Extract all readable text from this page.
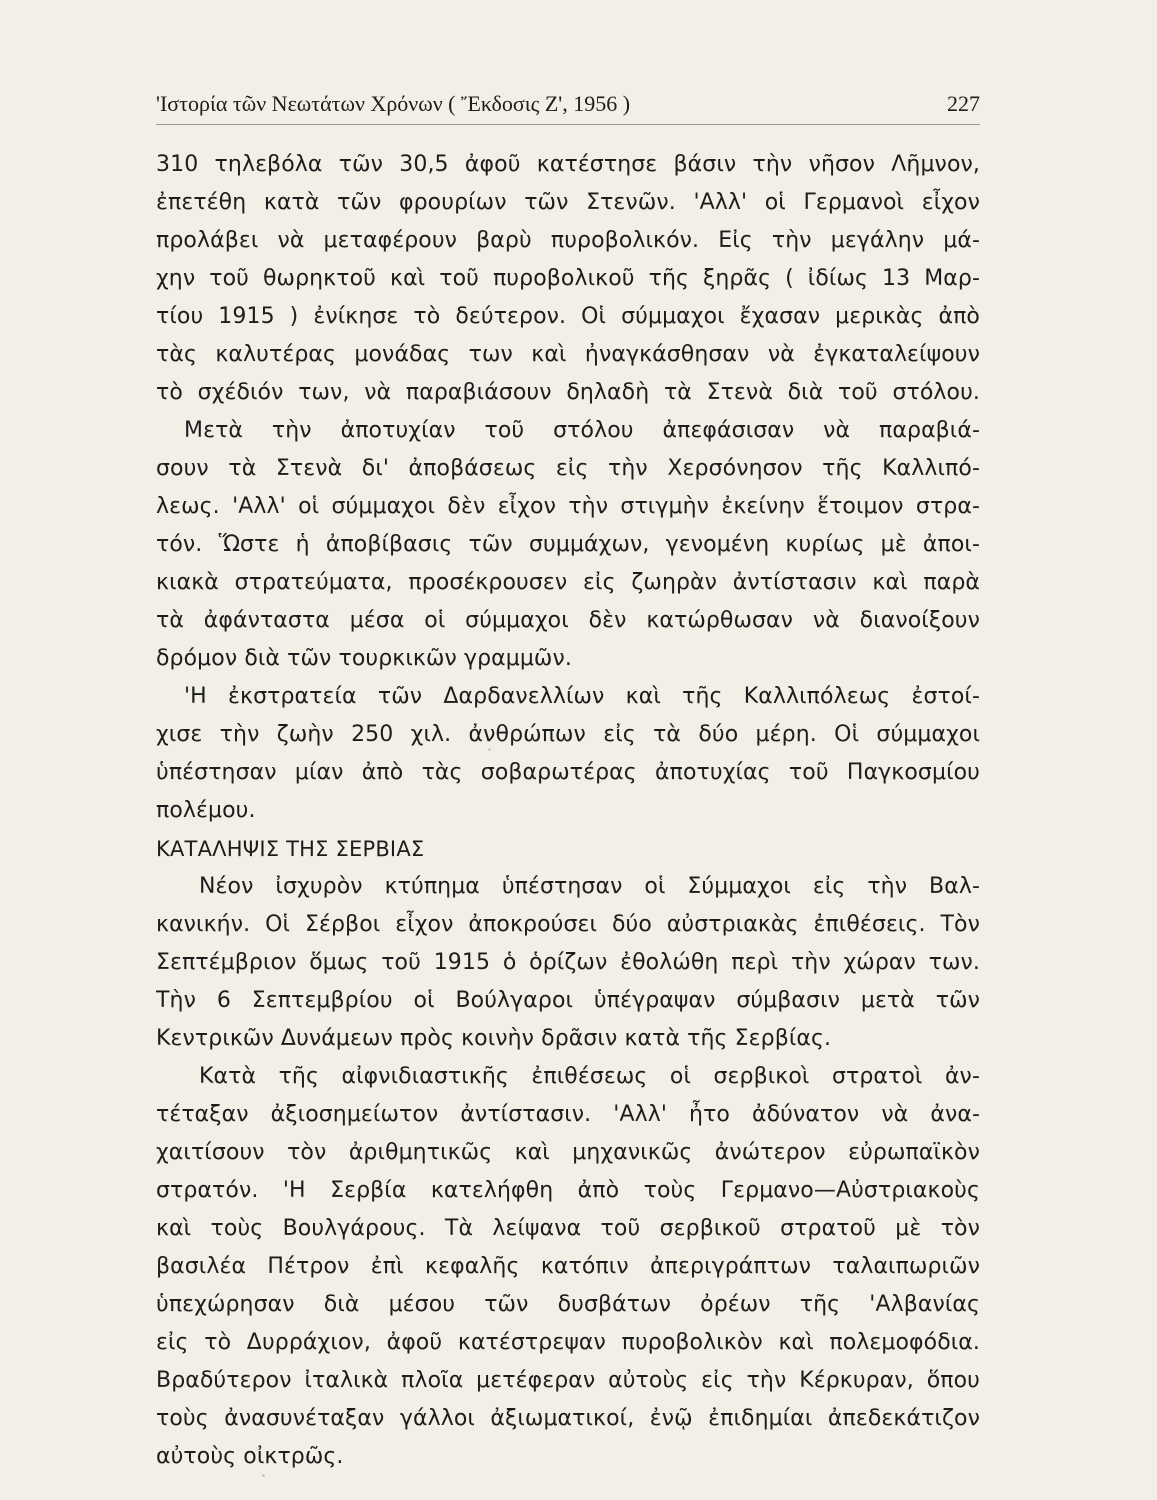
'Ιστορία τῶν Νεωτάτων Χρόνων ( Ἔκδοσις Ζ', 1956 )	227
310 τηλεβόλα τῶν 30,5 ἀφοῦ κατέστησε βάσιν τὴν νῆσον Λῆμνον,
ἐπετέθη κατὰ τῶν φρουρίων τῶν Στενῶν. 'Αλλ' οἱ Γερμανοὶ εἶχον
προλάβει νὰ μεταφέρουν βαρὺ πυροβολικόν. Εἰς τὴν μεγάλην μά-
χην τοῦ θωρηκτοῦ καὶ τοῦ πυροβολικοῦ τῆς ξηρᾶς ( ἰδίως 13 Μαρ-
τίου 1915 ) ἐνίκησε τὸ δεύτερον. Οἱ σύμμαχοι ἔχασαν μερικὰς ἀπὸ
τὰς καλυτέρας μονάδας των καὶ ἠναγκάσθησαν νὰ ἐγκαταλείψουν
τὸ σχέδιόν των, νὰ παραβιάσουν δηλαδὴ τὰ Στενὰ διὰ τοῦ στόλου.
Μετὰ τὴν ἀποτυχίαν τοῦ στόλου ἀπεφάσισαν νὰ παραβιά-
σουν τὰ Στενὰ δι' ἀποβάσεως εἰς τὴν Χερσόνησον τῆς Καλλιπό-
λεως. 'Αλλ' οἱ σύμμαχοι δὲν εἶχον τὴν στιγμὴν ἐκείνην ἕτοιμον στρα-
τόν. Ὥστε ἡ ἀποβίβασις τῶν συμμάχων, γενομένη κυρίως μὲ ἀποι-
κιακὰ στρατεύματα, προσέκρουσεν εἰς ζωηρὰν ἀντίστασιν καὶ παρὰ
τὰ ἀφάνταστα μέσα οἱ σύμμαχοι δὲν κατώρθωσαν νὰ διανοίξουν
δρόμον διὰ τῶν τουρκικῶν γραμμῶν.
'Η ἐκστρατεία τῶν Δαρδανελλίων καὶ τῆς Καλλιπόλεως ἐστοί-
χισε τὴν ζωὴν 250 χιλ. ἀνθρώπων εἰς τὰ δύο μέρη. Οἱ σύμμαχοι
ὑπέστησαν μίαν ἀπὸ τὰς σοβαρωτέρας ἀποτυχίας τοῦ Παγκοσμίου
πολέμου.
ΚΑΤΑΛΗΨΙΣ ΤΗΣ ΣΕΡΒΙΑΣ
Νέον ἰσχυρὸν κτύπημα ὑπέστησαν οἱ Σύμμαχοι εἰς τὴν Βαλ-
κανικήν. Οἱ Σέρβοι εἶχον ἀποκρούσει δύο αὐστριακὰς ἐπιθέσεις. Τὸν
Σεπτέμβριον ὅμως τοῦ 1915 ὁ ὁρίζων ἐθολώθη περὶ τὴν χώραν των.
Τὴν 6 Σεπτεμβρίου οἱ Βούλγαροι ὑπέγραψαν σύμβασιν μετὰ τῶν
Κεντρικῶν Δυνάμεων πρὸς κοινὴν δρᾶσιν κατὰ τῆς Σερβίας.
Κατὰ τῆς αἰφνιδιαστικῆς ἐπιθέσεως οἱ σερβικοὶ στρατοὶ ἀν-
τέταξαν ἀξιοσημείωτον ἀντίστασιν. 'Αλλ' ἦτο ἀδύνατον νὰ ἀνα-
χαιτίσουν τὸν ἀριθμητικῶς καὶ μηχανικῶς ἀνώτερον εὐρωπαϊκὸν
στρατόν. 'Η Σερβία κατελήφθη ἀπὸ τοὺς Γερμανο—Αὐστριακοὺς
καὶ τοὺς Βουλγάρους. Τὰ λείψανα τοῦ σερβικοῦ στρατοῦ μὲ τὸν
βασιλέα Πέτρον ἐπὶ κεφαλῆς κατόπιν ἀπεριγράπτων ταλαιπωριῶν
ὑπεχώρησαν διὰ μέσου τῶν δυσβάτων ὀρέων τῆς 'Αλβανίας
εἰς τὸ Δυρράχιον, ἀφοῦ κατέστρεψαν πυροβολικὸν καὶ πολεμοφόδια.
Βραδύτερον ἰταλικὰ πλοῖα μετέφεραν αὐτοὺς εἰς τὴν Κέρκυραν, ὅπου
τοὺς ἀνασυνέταξαν γάλλοι ἀξιωματικοί, ἐνῷ ἐπιδημίαι ἀπεδεκάτιζον
αὐτοὺς οἰκτρῶς.
